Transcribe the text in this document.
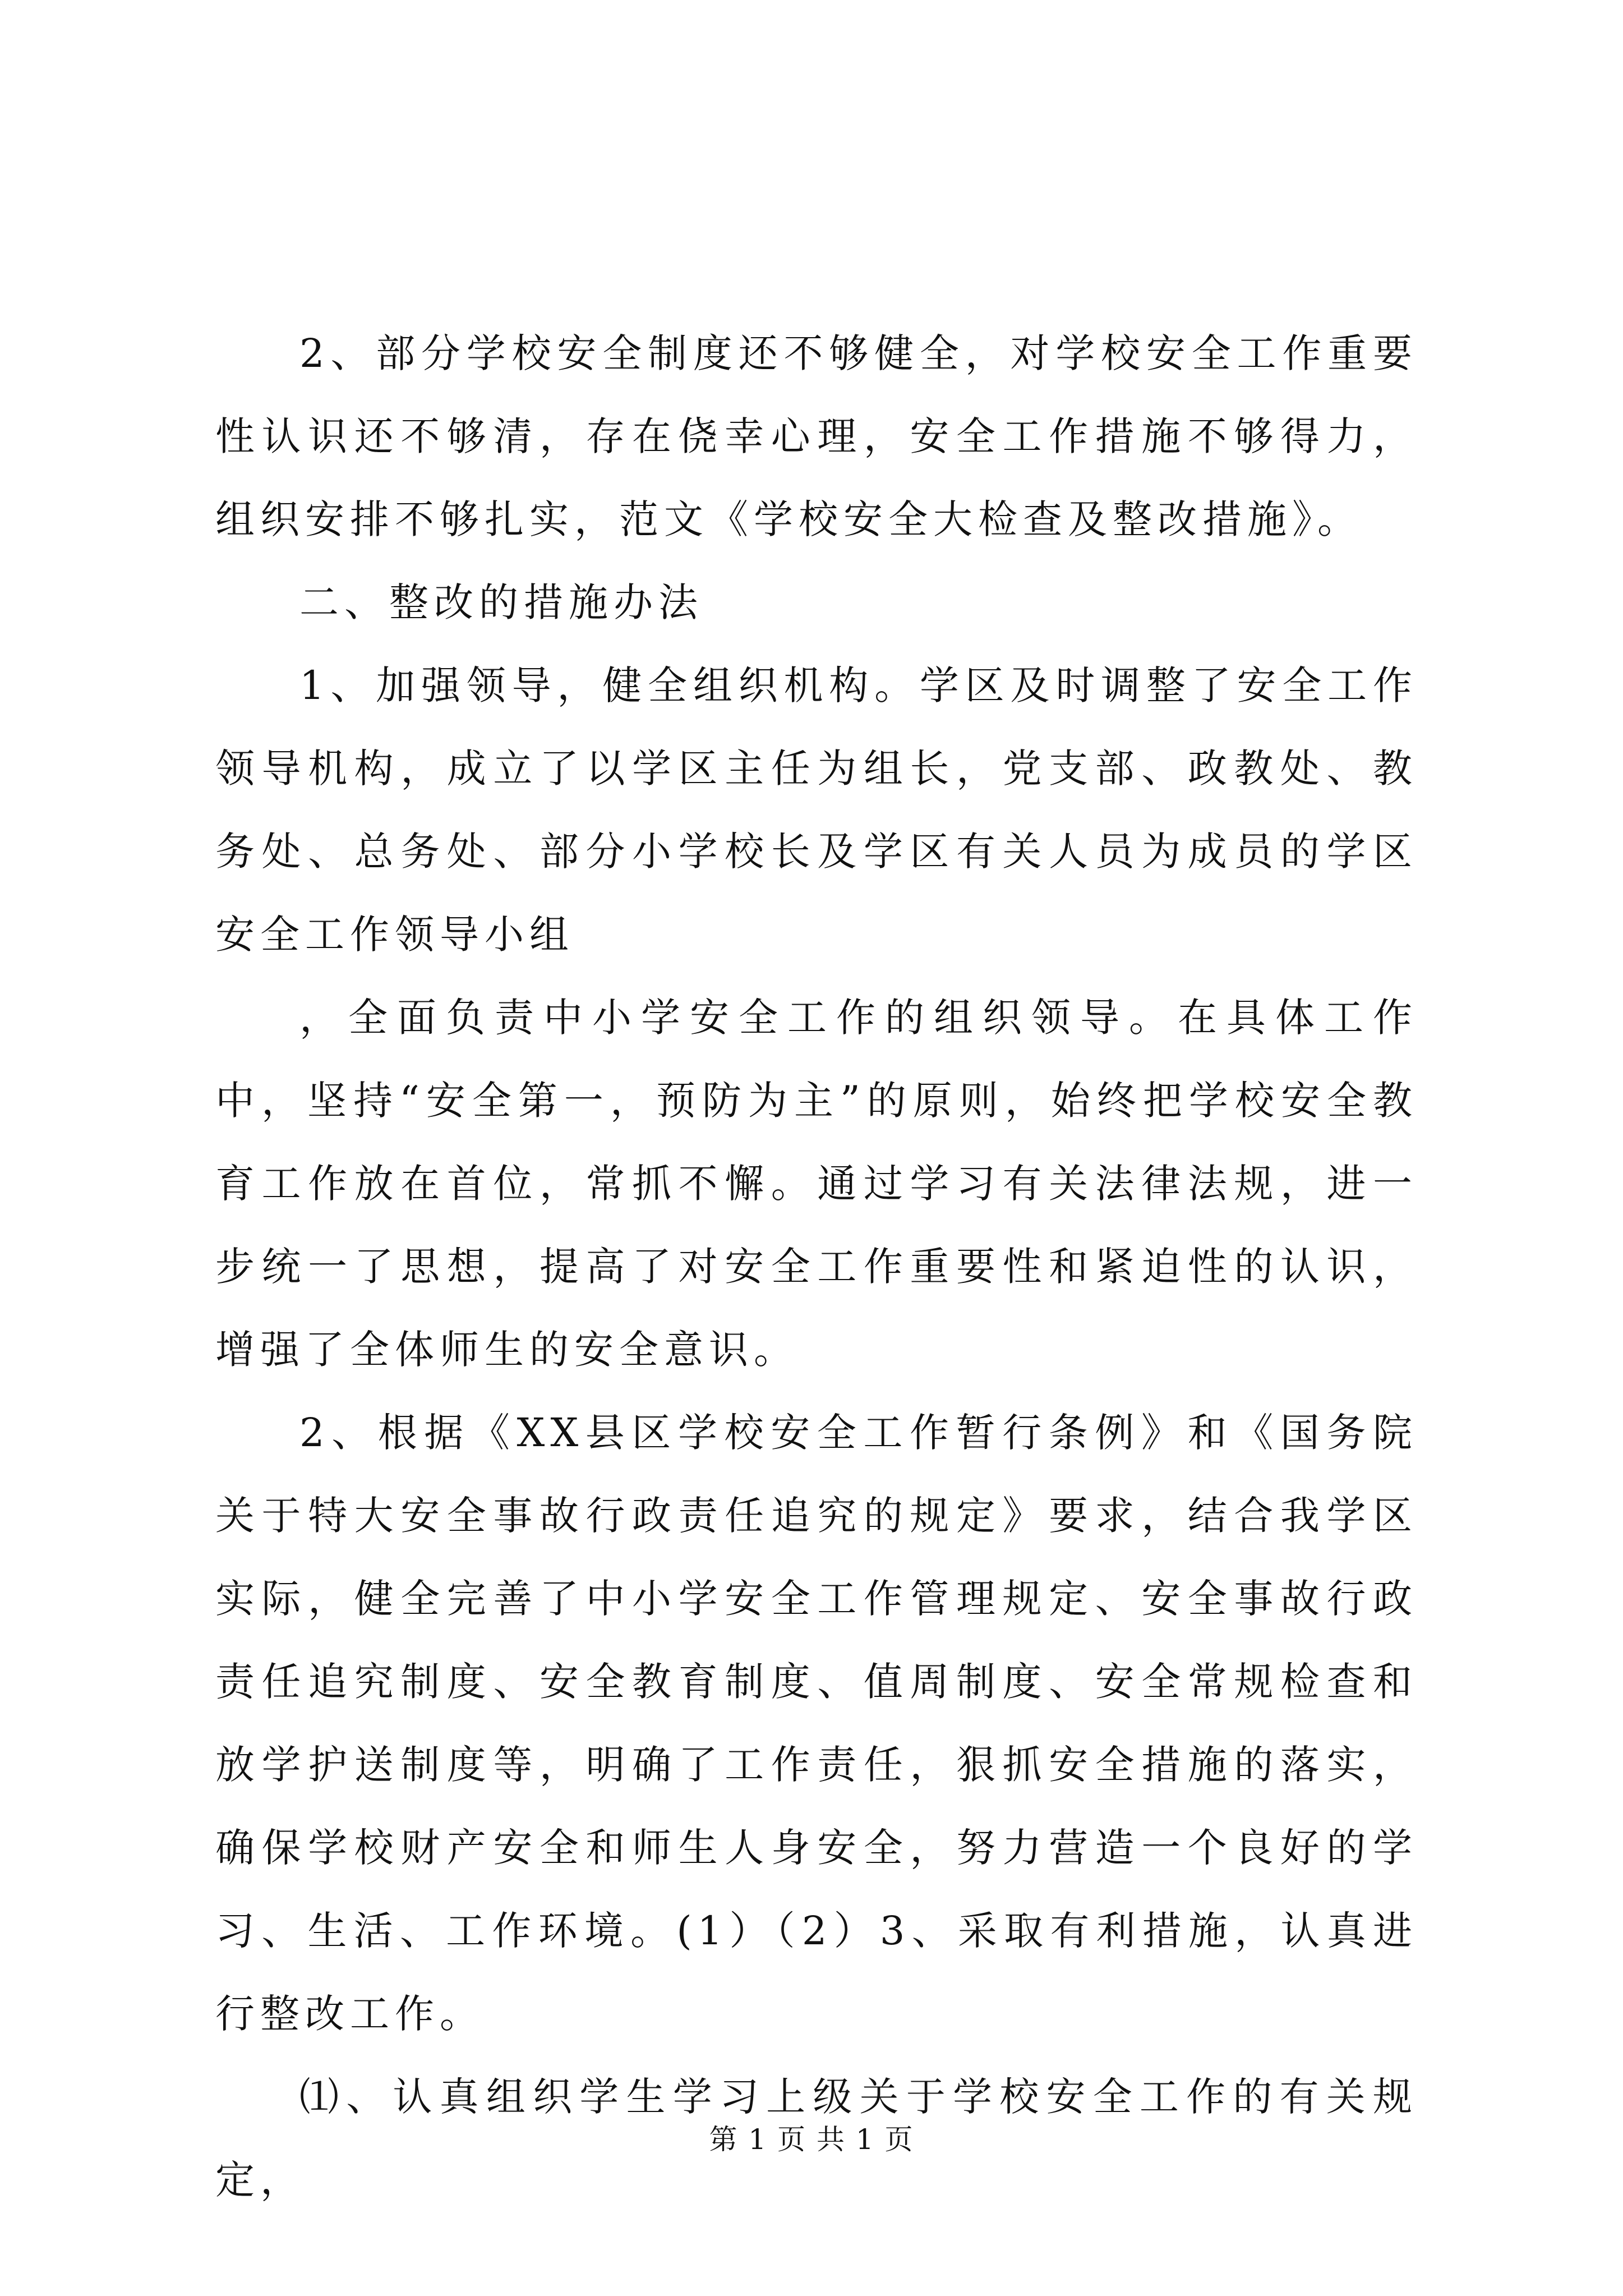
2、部分学校安全制度还不够健全，对学校安全工作重要性认识还不够清，存在侥幸心理，安全工作措施不够得力，组织安排不够扎实，范文《学校安全大检查及整改措施》。

二、整改的措施办法

1、加强领导，健全组织机构。学区及时调整了安全工作领导机构，成立了以学区主任为组长，党支部、政教处、教务处、总务处、部分小学校长及学区有关人员为成员的学区安全工作领导小组

，全面负责中小学安全工作的组织领导。在具体工作中，坚持“安全第一，预防为主”的原则，始终把学校安全教育工作放在首位，常抓不懈。通过学习有关法律法规，进一步统一了思想，提高了对安全工作重要性和紧迫性的认识，增强了全体师生的安全意识。

2、根据《XX县区学校安全工作暂行条例》和《国务院关于特大安全事故行政责任追究的规定》要求，结合我学区实际，健全完善了中小学安全工作管理规定、安全事故行政责任追究制度、安全教育制度、值周制度、安全常规检查和放学护送制度等，明确了工作责任，狠抓安全措施的落实，确保学校财产安全和师生人身安全，努力营造一个良好的学习、生活、工作环境。(1）（2）3、采取有利措施，认真进行整改工作。

⑴、认真组织学生学习上级关于学校安全工作的有关规定，

第 1 页 共 1 页
